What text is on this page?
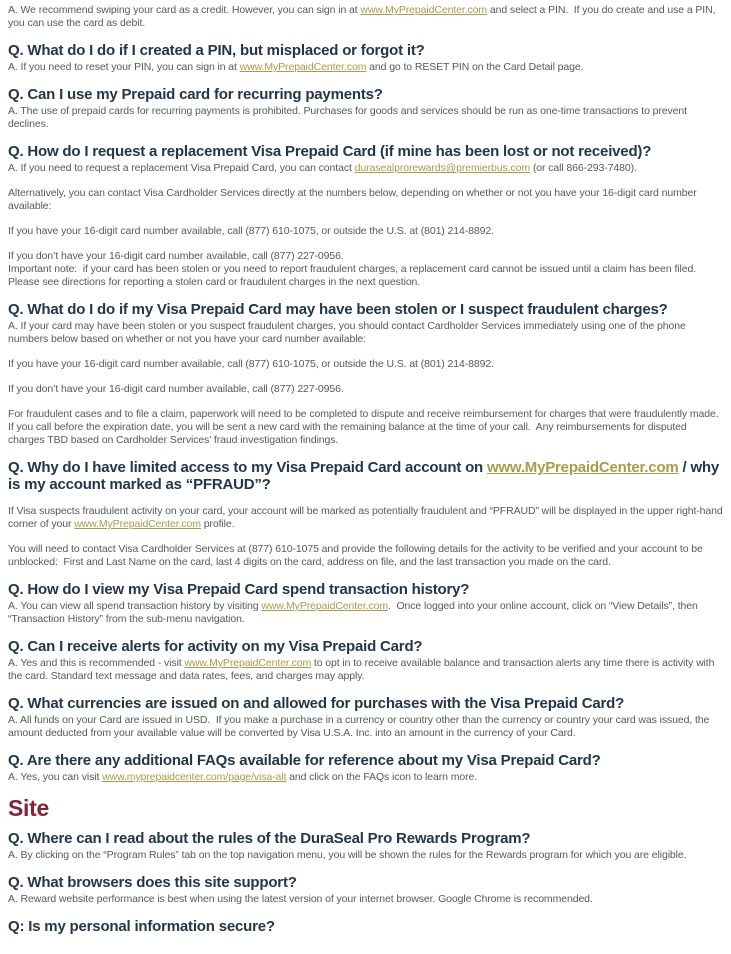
A. We recommend swiping your card as a credit. However, you can sign in at www.MyPrepaidCenter.com and select a PIN.  If you do create and use a PIN, you can use the card as debit.

Q. What do I do if I created a PIN, but misplaced or forgot it?

A. If you need to reset your PIN, you can sign in at www.MyPrepaidCenter.com and go to RESET PIN on the Card Detail page.

Q. Can I use my Prepaid card for recurring payments?

A. The use of prepaid cards for recurring payments is prohibited. Purchases for goods and services should be run as one-time transactions to prevent declines.

Q. How do I request a replacement Visa Prepaid Card (if mine has been lost or not received)?

A. If you need to request a replacement Visa Prepaid Card, you can contact durasealprorewards@premierbus.com (or call 866-293-7480).

Alternatively, you can contact Visa Cardholder Services directly at the numbers below, depending on whether or not you have your 16-digit card number available:

If you have your 16-digit card number available, call (877) 610-1075, or outside the U.S. at (801) 214-8892.

If you don’t have your 16-digit card number available, call (877) 227-0956.
Important note:  if your card has been stolen or you need to report fraudulent charges, a replacement card cannot be issued until a claim has been filed. Please see directions for reporting a stolen card or fraudulent charges in the next question.

Q. What do I do if my Visa Prepaid Card may have been stolen or I suspect fraudulent charges?

A. If your card may have been stolen or you suspect fraudulent charges, you should contact Cardholder Services immediately using one of the phone numbers below based on whether or not you have your card number available:

If you have your 16-digit card number available, call (877) 610-1075, or outside the U.S. at (801) 214-8892.

If you don’t have your 16-digit card number available, call (877) 227-0956.

For fraudulent cases and to file a claim, paperwork will need to be completed to dispute and receive reimbursement for charges that were fraudulently made. If you call before the expiration date, you will be sent a new card with the remaining balance at the time of your call.  Any reimbursements for disputed charges TBD based on Cardholder Services’ fraud investigation findings.

Q. Why do I have limited access to my Visa Prepaid Card account on www.MyPrepaidCenter.com / why is my account marked as “PFRAUD”?

If Visa suspects fraudulent activity on your card, your account will be marked as potentially fraudulent and “PFRAUD” will be displayed in the upper right-hand corner of your www.MyPrepaidCenter.com profile.

You will need to contact Visa Cardholder Services at (877) 610-1075 and provide the following details for the activity to be verified and your account to be unblocked:  First and Last Name on the card, last 4 digits on the card, address on file, and the last transaction you made on the card.

Q. How do I view my Visa Prepaid Card spend transaction history?

A. You can view all spend transaction history by visiting www.MyPrepaidCenter.com.  Once logged into your online account, click on “View Details”, then “Transaction History” from the sub-menu navigation.

Q. Can I receive alerts for activity on my Visa Prepaid Card?

A. Yes and this is recommended - visit www.MyPrepaidCenter.com to opt in to receive available balance and transaction alerts any time there is activity with the card. Standard text message and data rates, fees, and charges may apply.

Q. What currencies are issued on and allowed for purchases with the Visa Prepaid Card?

A. All funds on your Card are issued in USD.  If you make a purchase in a currency or country other than the currency or country your card was issued, the amount deducted from your available value will be converted by Visa U.S.A. Inc. into an amount in the currency of your Card.

Q. Are there any additional FAQs available for reference about my Visa Prepaid Card?

A. Yes, you can visit www.myprepaidcenter.com/page/visa-alt and click on the FAQs icon to learn more.

Site
Q. Where can I read about the rules of the DuraSeal Pro Rewards Program?

A. By clicking on the “Program Rules” tab on the top navigation menu, you will be shown the rules for the Rewards program for which you are eligible.

Q. What browsers does this site support?

A. Reward website performance is best when using the latest version of your internet browser. Google Chrome is recommended.

Q: Is my personal information secure?
